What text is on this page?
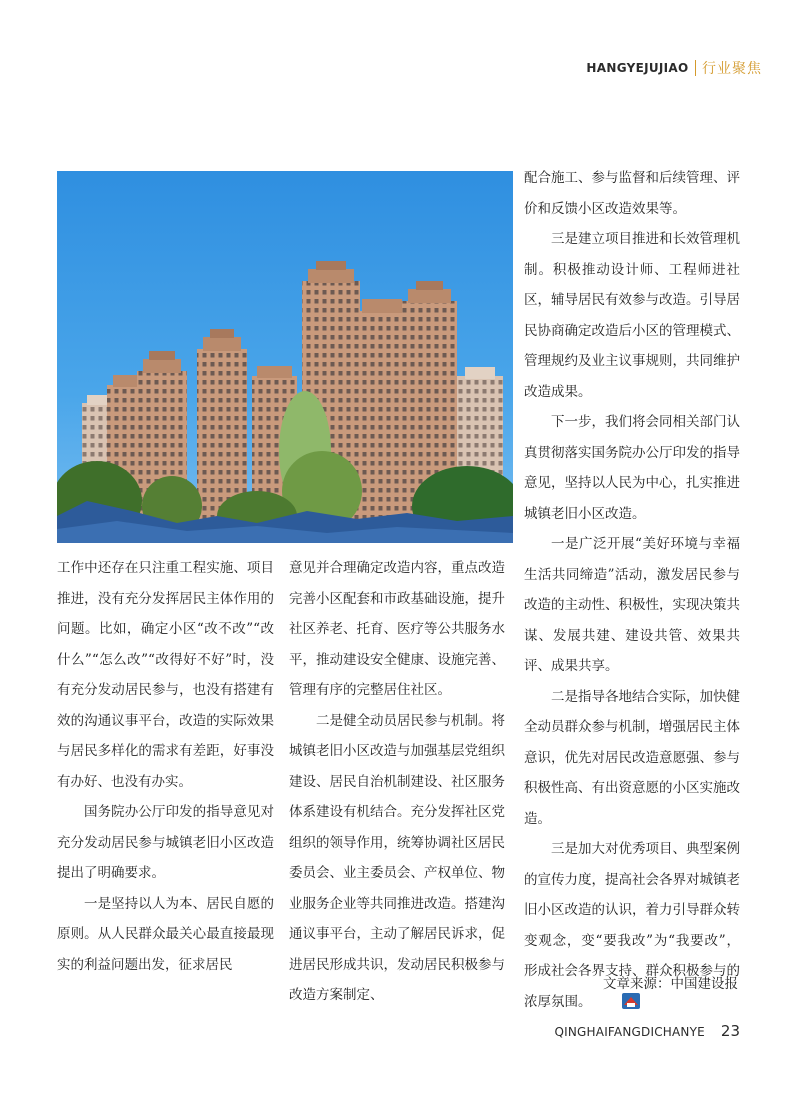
HANGYEJUJIAO 行业聚焦

工作中还存在只注重工程实施、项目推进，没有充分发挥居民主体作用的问题。比如，确定小区“改不改”“改什么”“怎么改”“改得好不好”时，没有充分发动居民参与，也没有搭建有效的沟通议事平台，改造的实际效果与居民多样化的需求有差距，好事没有办好、也没有办实。

国务院办公厅印发的指导意见对充分发动居民参与城镇老旧小区改造提出了明确要求。

一是坚持以人为本、居民自愿的原则。从人民群众最关心最直接最现实的利益问题出发，征求居民

意见并合理确定改造内容，重点改造完善小区配套和市政基础设施，提升社区养老、托育、医疗等公共服务水平，推动建设安全健康、设施完善、管理有序的完整居住社区。

二是健全动员居民参与机制。将城镇老旧小区改造与加强基层党组织建设、居民自治机制建设、社区服务体系建设有机结合。充分发挥社区党组织的领导作用，统筹协调社区居民委员会、业主委员会、产权单位、物业服务企业等共同推进改造。搭建沟通议事平台，主动了解居民诉求，促进居民形成共识，发动居民积极参与改造方案制定、

配合施工、参与监督和后续管理、评价和反馈小区改造效果等。

三是建立项目推进和长效管理机制。积极推动设计师、工程师进社区，辅导居民有效参与改造。引导居民协商确定改造后小区的管理模式、管理规约及业主议事规则，共同维护改造成果。

下一步，我们将会同相关部门认真贯彻落实国务院办公厅印发的指导意见，坚持以人民为中心，扎实推进城镇老旧小区改造。

一是广泛开展“美好环境与幸福生活共同缔造”活动，激发居民参与改造的主动性、积极性，实现决策共谋、发展共建、建设共管、效果共评、成果共享。

二是指导各地结合实际，加快健全动员群众参与机制，增强居民主体意识，优先对居民改造意愿强、参与积极性高、有出资意愿的小区实施改造。

三是加大对优秀项目、典型案例的宣传力度，提高社会各界对城镇老旧小区改造的认识，着力引导群众转变观念，变“要我改”为“我要改”，形成社会各界支持、群众积极参与的浓厚氛围。

文章来源：中国建设报
QINGHAIFANGDICHANYE 23
